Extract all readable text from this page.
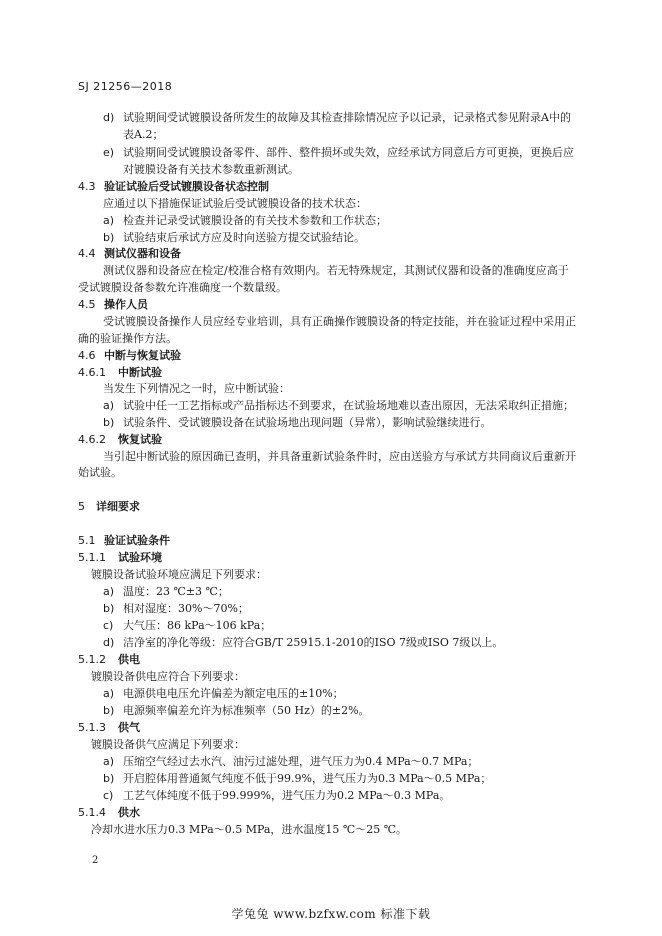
SJ 21256—2018
d) 试验期间受试镀膜设备所发生的故障及其检查排除情况应予以记录，记录格式参见附录A中的
表A.2；
e) 试验期间受试镀膜设备零件、部件、整件损坏或失效，应经承试方同意后方可更换，更换后应
对镀膜设备有关技术参数重新测试。
4.3 验证试验后受试镀膜设备状态控制
应通过以下措施保证试验后受试镀膜设备的技术状态：
a) 检查并记录受试镀膜设备的有关技术参数和工作状态；
b) 试验结束后承试方应及时向送验方提交试验结论。
4.4 测试仪器和设备
测试仪器和设备应在检定/校准合格有效期内。若无特殊规定，其测试仪器和设备的准确度应高于
受试镀膜设备参数允许准确度一个数量级。
4.5 操作人员
受试镀膜设备操作人员应经专业培训，具有正确操作镀膜设备的特定技能，并在验证过程中采用正
确的验证操作方法。
4.6 中断与恢复试验
4.6.1 中断试验
当发生下列情况之一时，应中断试验：
a) 试验中任一工艺指标或产品指标达不到要求，在试验场地难以查出原因，无法采取纠正措施；
b) 试验条件、受试镀膜设备在试验场地出现问题（异常），影响试验继续进行。
4.6.2 恢复试验
当引起中断试验的原因确已查明，并具备重新试验条件时，应由送验方与承试方共同商议后重新开
始试验。
5 详细要求
5.1 验证试验条件
5.1.1 试验环境
镀膜设备试验环境应满足下列要求：
a) 温度：23 ℃±3 ℃；
b) 相对湿度：30%～70%；
c) 大气压：86 kPa～106 kPa；
d) 洁净室的净化等级：应符合GB/T 25915.1-2010的ISO 7级或ISO 7级以上。
5.1.2 供电
镀膜设备供电应符合下列要求：
a) 电源供电电压允许偏差为额定电压的±10%；
b) 电源频率偏差允许为标准频率（50 Hz）的±2%。
5.1.3 供气
镀膜设备供气应满足下列要求：
a) 压缩空气经过去水汽、油污过滤处理，进气压力为0.4 MPa～0.7 MPa；
b) 开启腔体用普通氮气纯度不低于99.9%，进气压力为0.3 MPa～0.5 MPa；
c) 工艺气体纯度不低于99.999%，进气压力为0.2 MPa～0.3 MPa。
5.1.4 供水
冷却水进水压力0.3 MPa～0.5 MPa，进水温度15 ℃～25 ℃。
2
学兔兔 www.bzfxw.com 标准下载
